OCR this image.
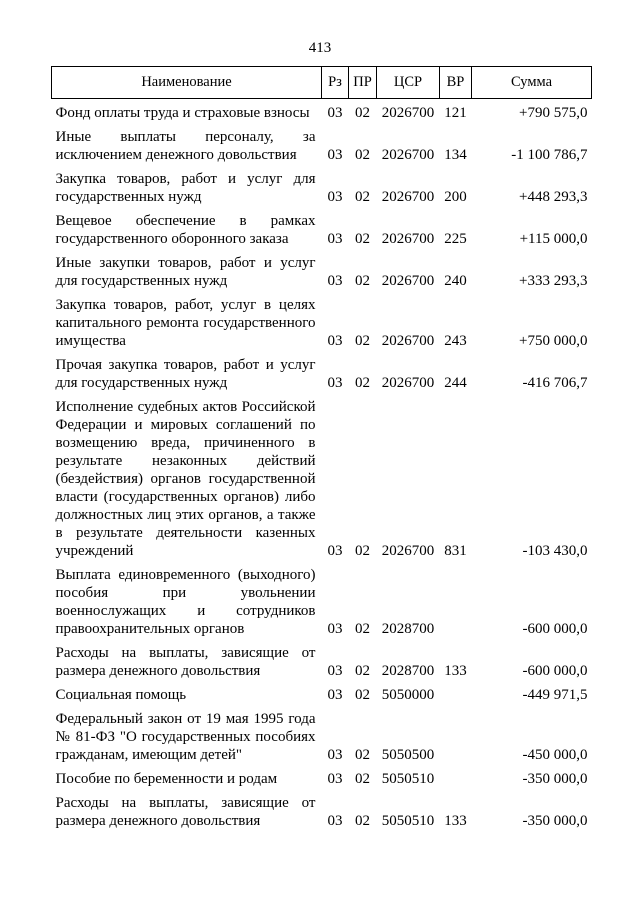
413
Наименование	Рз	ПР	ЦСР	ВР	Сумма
Фонд оплаты труда и страховые взносы	03	02	2026700	121	+790 575,0
Иные выплаты персоналу, за исключением денежного довольствия	03	02	2026700	134	-1 100 786,7
Закупка товаров, работ и услуг для государственных нужд	03	02	2026700	200	+448 293,3
Вещевое обеспечение в рамках государственного оборонного заказа	03	02	2026700	225	+115 000,0
Иные закупки товаров, работ и услуг для государственных нужд	03	02	2026700	240	+333 293,3
Закупка товаров, работ, услуг в целях капитального ремонта государственного имущества	03	02	2026700	243	+750 000,0
Прочая закупка товаров, работ и услуг для государственных нужд	03	02	2026700	244	-416 706,7
Исполнение судебных актов Российской Федерации и мировых соглашений по возмещению вреда, причиненного в результате незаконных действий (бездействия) органов государственной власти (государственных органов) либо должностных лиц этих органов, а также в результате деятельности казенных учреждений	03	02	2026700	831	-103 430,0
Выплата единовременного (выходного) пособия при увольнении военнослужащих и сотрудников правоохранительных органов	03	02	2028700		-600 000,0
Расходы на выплаты, зависящие от размера денежного довольствия	03	02	2028700	133	-600 000,0
Социальная помощь	03	02	5050000		-449 971,5
Федеральный закон от 19 мая 1995 года № 81-ФЗ "О государственных пособиях гражданам, имеющим детей"	03	02	5050500		-450 000,0
Пособие по беременности и родам	03	02	5050510		-350 000,0
Расходы на выплаты, зависящие от размера денежного довольствия	03	02	5050510	133	-350 000,0
